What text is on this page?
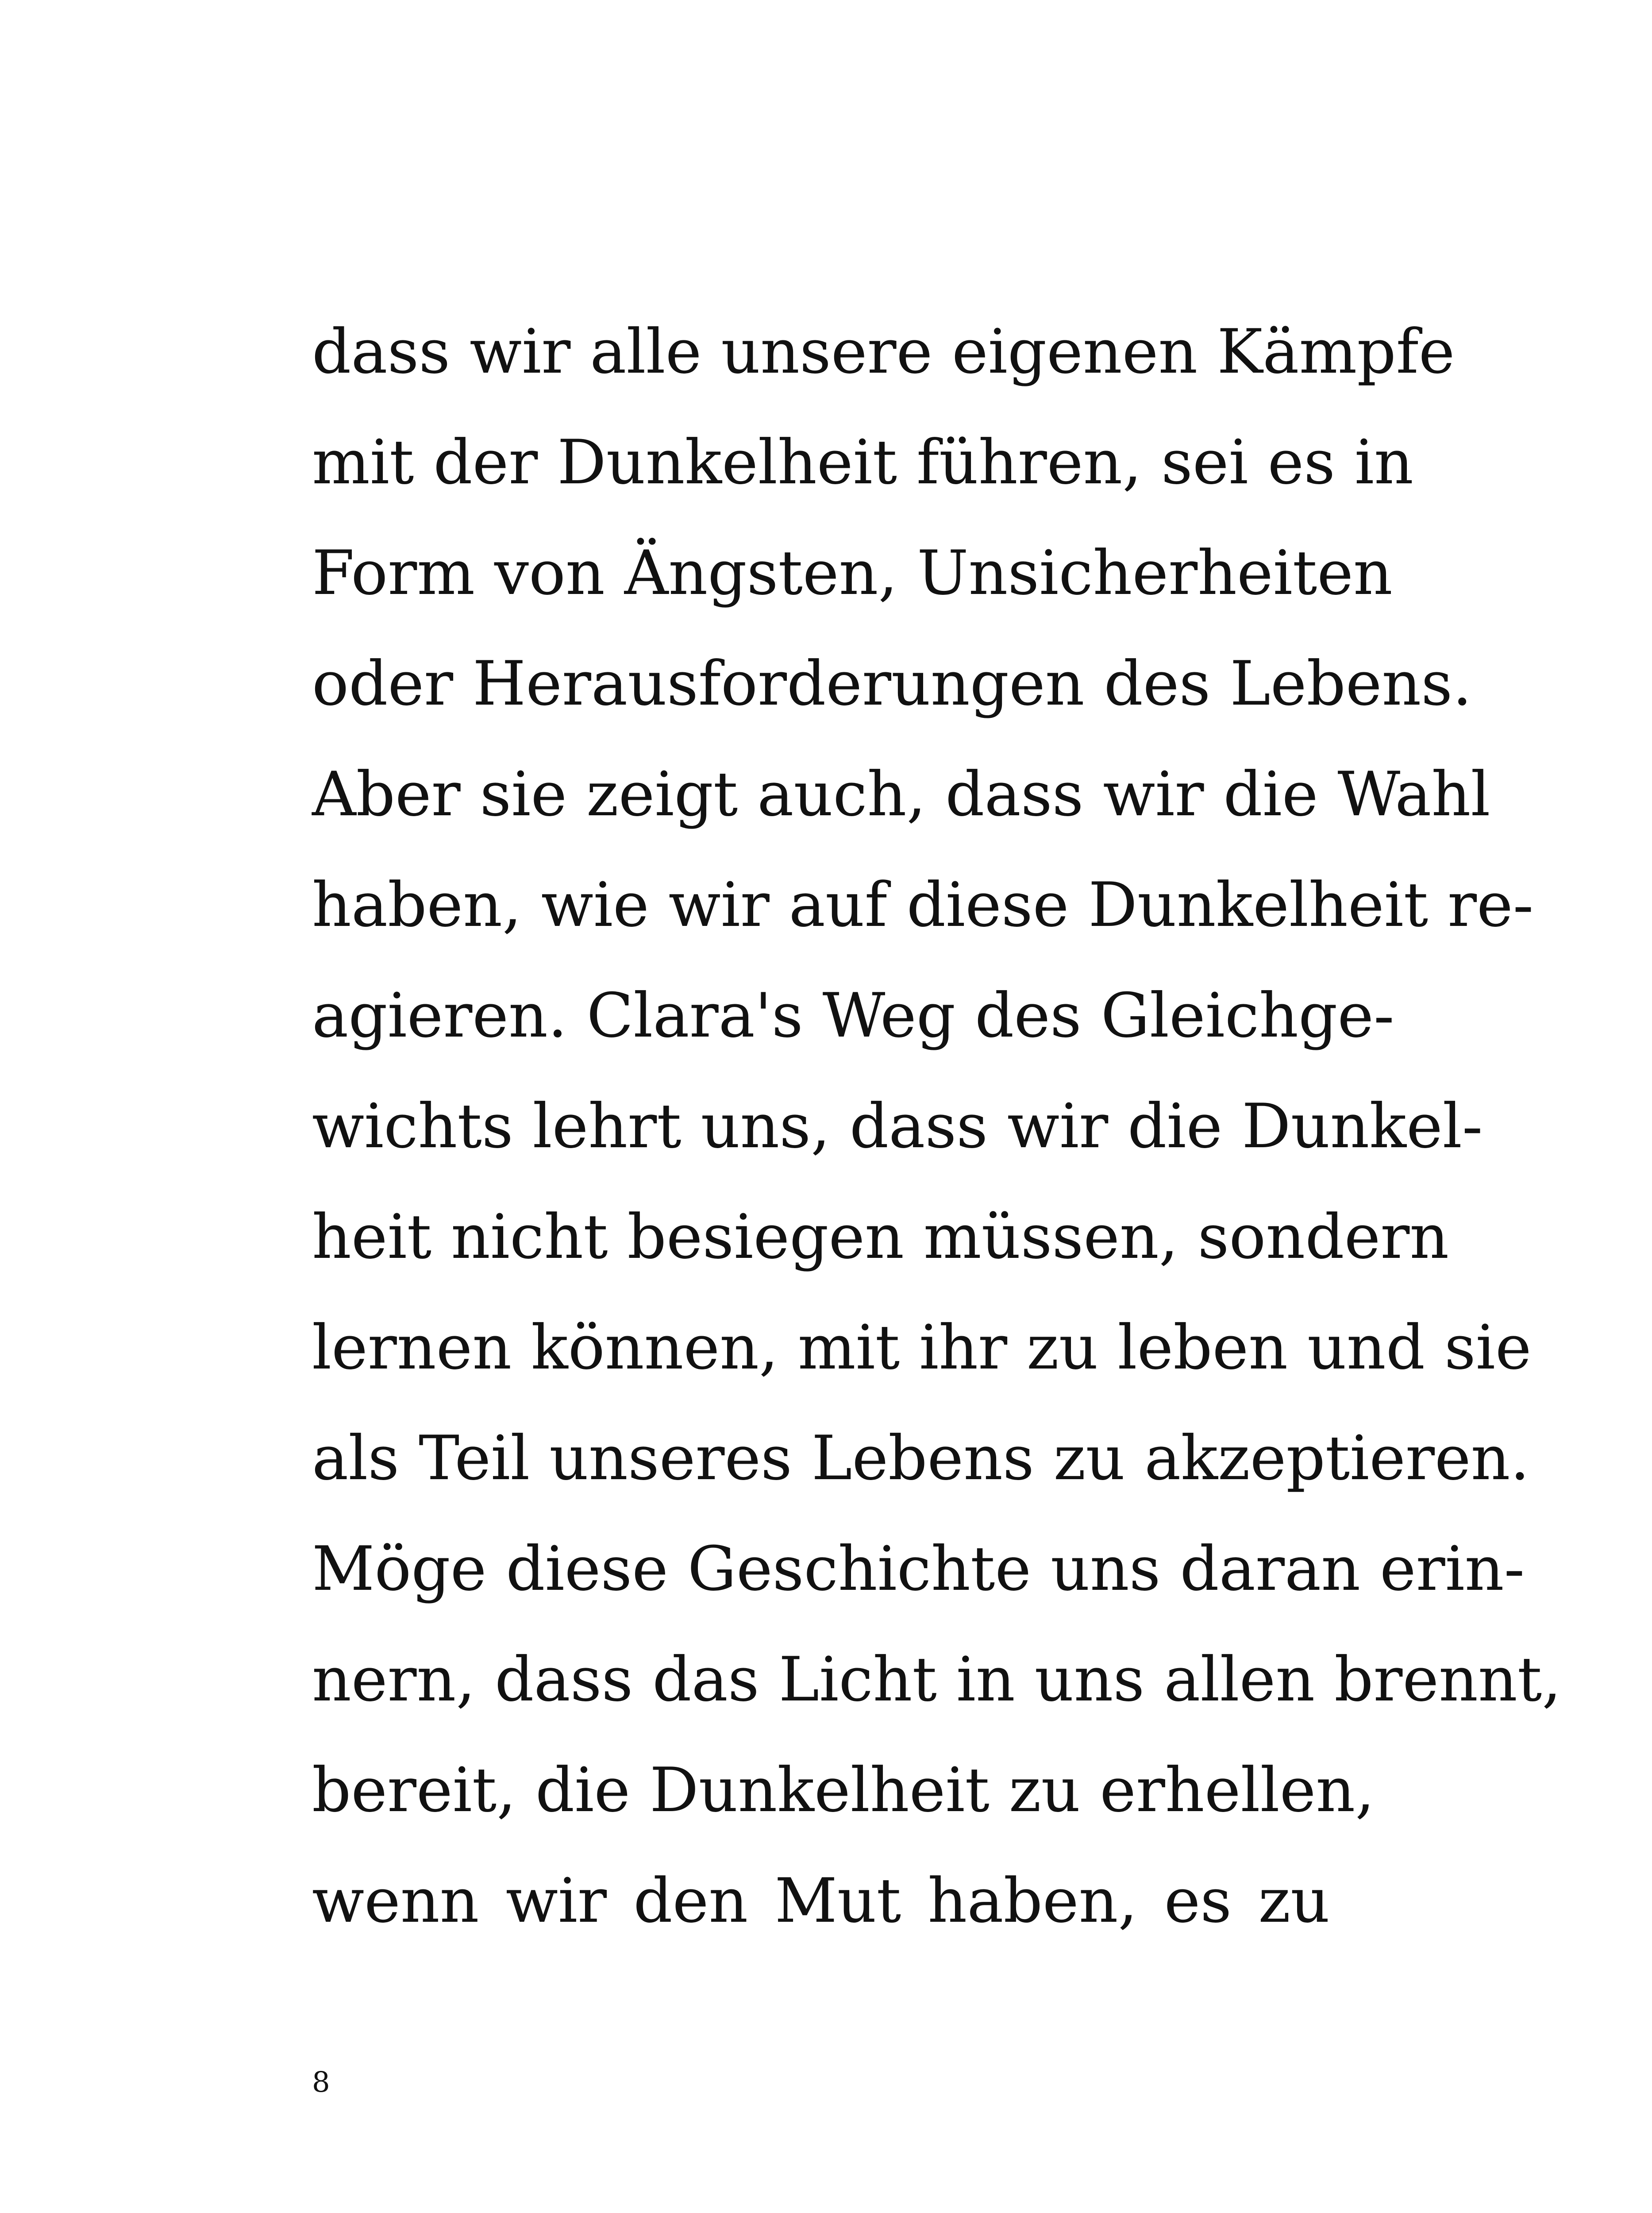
dass wir alle unsere eigenen Kämpfe
mit der Dunkelheit führen, sei es in
Form von Ängsten, Unsicherheiten
oder Herausforderungen des Lebens.
Aber sie zeigt auch, dass wir die Wahl
haben, wie wir auf diese Dunkelheit re-
agieren. Clara's Weg des Gleichge-
wichts lehrt uns, dass wir die Dunkel-
heit nicht besiegen müssen, sondern
lernen können, mit ihr zu leben und sie
als Teil unseres Lebens zu akzeptieren.
Möge diese Geschichte uns daran erin-
nern, dass das Licht in uns allen brennt,
bereit, die Dunkelheit zu erhellen,
wenn wir den Mut haben, es zu
8
